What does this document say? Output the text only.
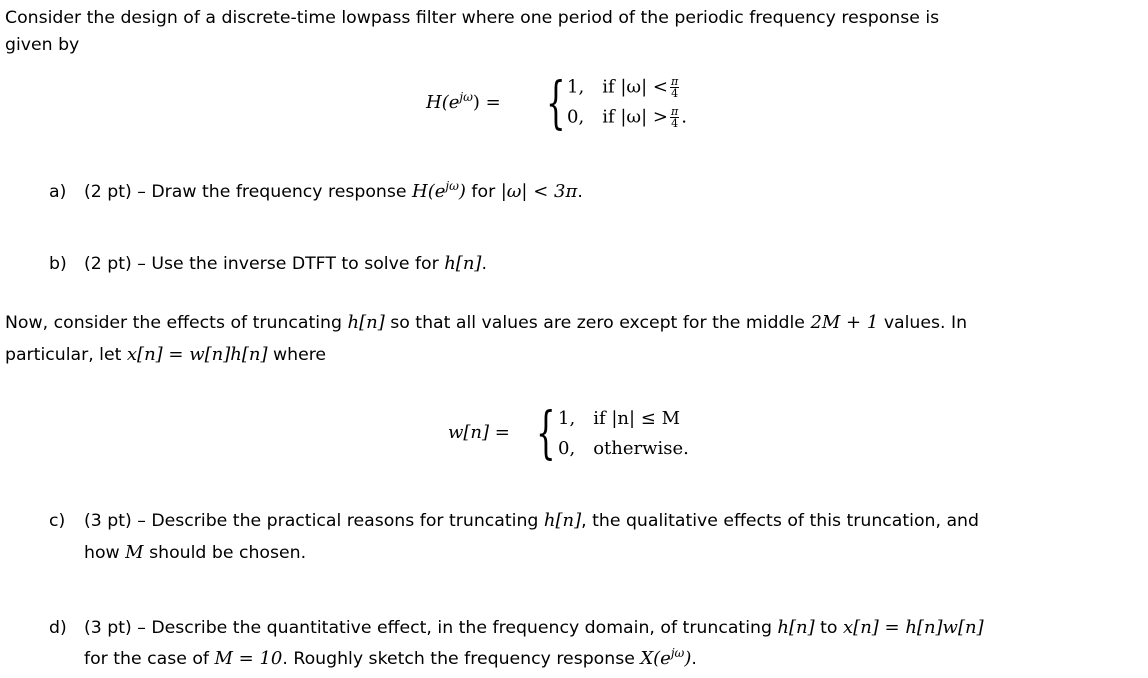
Consider the design of a discrete-time lowpass filter where one period of the periodic frequency response is
given by
$H(e^{j\omega})$ = { 1, if $|\omega| < \frac{\pi}{4}$
0, if $|\omega| > \frac{\pi}{4}$ .
a) (2 pt) – Draw the frequency response $H(e^{j\omega})$ for |ω| < 3π.
b) (2 pt) – Use the inverse DTFT to solve for h[n].
Now, consider the effects of truncating h[n] so that all values are zero except for the middle 2M + 1 values. In
particular, let x[n] = w[n]h[n] where
w[n] = { 1, if |n| ≤ M
0, otherwise.
c) (3 pt) – Describe the practical reasons for truncating h[n], the qualitative effects of this truncation, and
how M should be chosen.
d) (3 pt) – Describe the quantitative effect, in the frequency domain, of truncating h[n] to x[n] = h[n]w[n]
for the case of M = 10. Roughly sketch the frequency response $X(e^{j\omega})$.
